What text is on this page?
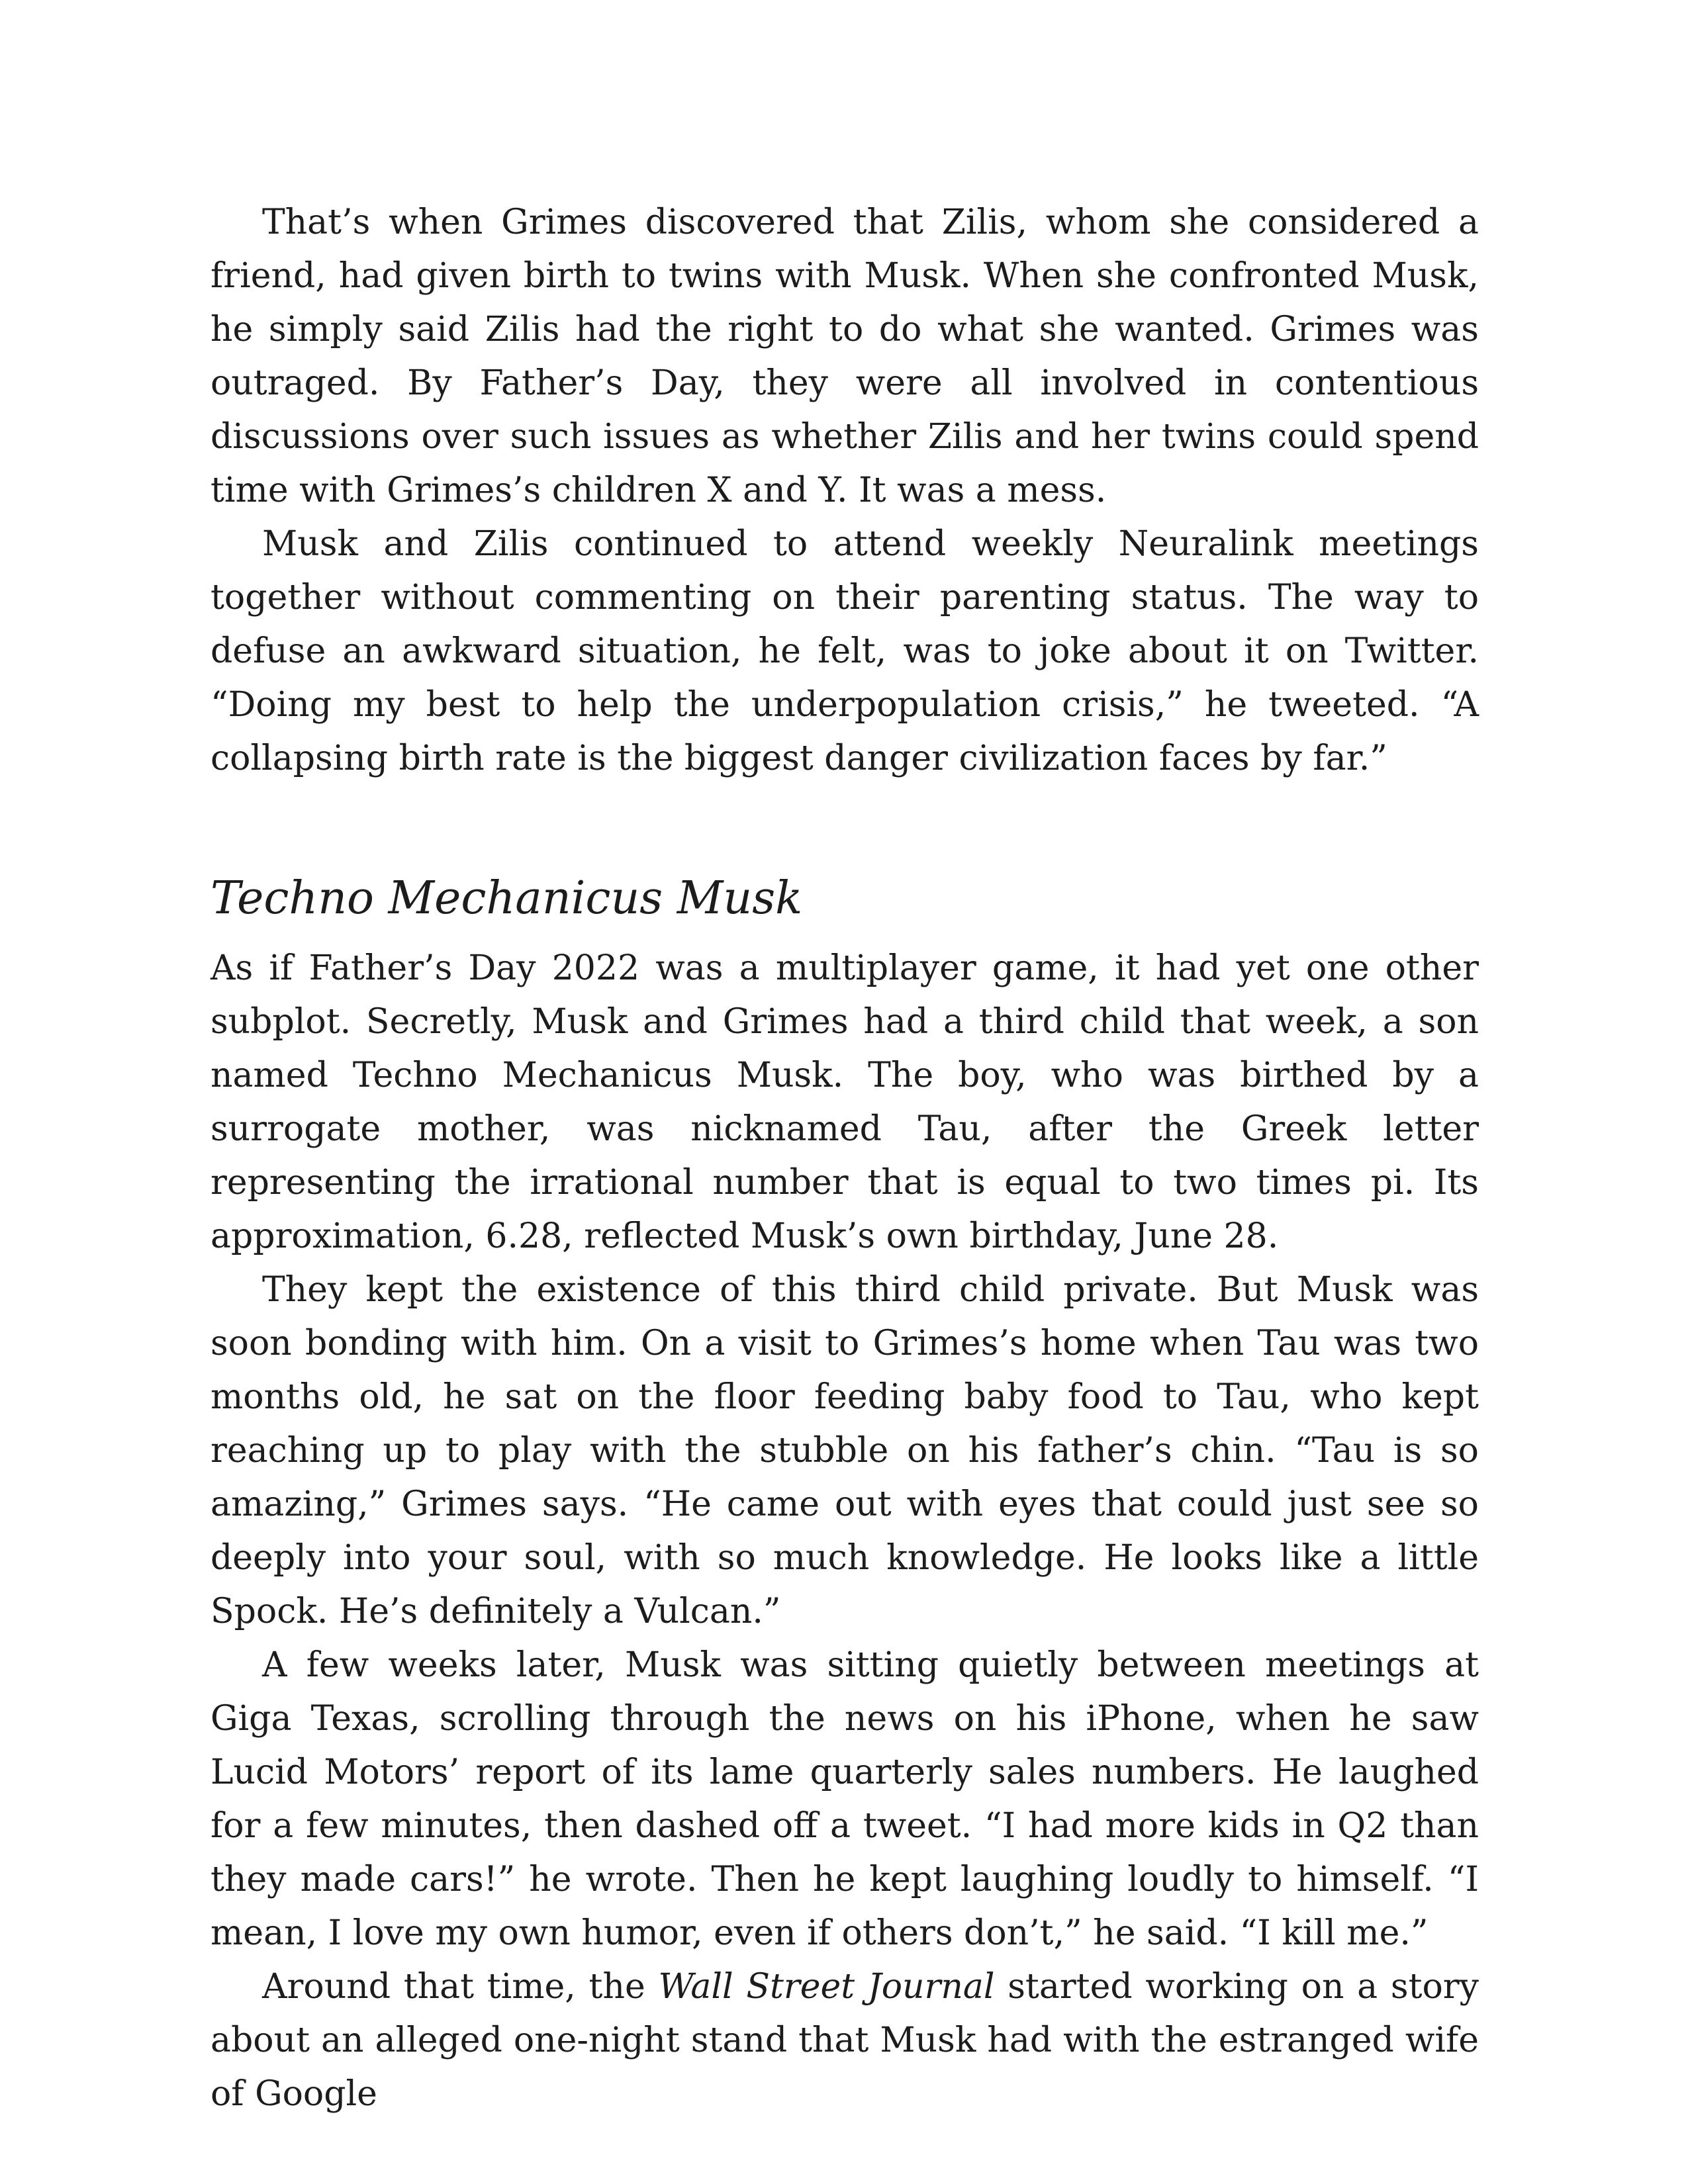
That’s when Grimes discovered that Zilis, whom she considered a friend, had given birth to twins with Musk. When she confronted Musk, he simply said Zilis had the right to do what she wanted. Grimes was outraged. By Father’s Day, they were all involved in contentious discussions over such issues as whether Zilis and her twins could spend time with Grimes’s children X and Y. It was a mess.

Musk and Zilis continued to attend weekly Neuralink meetings together without commenting on their parenting status. The way to defuse an awkward situation, he felt, was to joke about it on Twitter. “Doing my best to help the underpopulation crisis,” he tweeted. “A collapsing birth rate is the biggest danger civilization faces by far.”

Techno Mechanicus Musk

As if Father’s Day 2022 was a multiplayer game, it had yet one other subplot. Secretly, Musk and Grimes had a third child that week, a son named Techno Mechanicus Musk. The boy, who was birthed by a surrogate mother, was nicknamed Tau, after the Greek letter representing the irrational number that is equal to two times pi. Its approximation, 6.28, reflected Musk’s own birthday, June 28.

They kept the existence of this third child private. But Musk was soon bonding with him. On a visit to Grimes’s home when Tau was two months old, he sat on the floor feeding baby food to Tau, who kept reaching up to play with the stubble on his father’s chin. “Tau is so amazing,” Grimes says. “He came out with eyes that could just see so deeply into your soul, with so much knowledge. He looks like a little Spock. He’s definitely a Vulcan.”

A few weeks later, Musk was sitting quietly between meetings at Giga Texas, scrolling through the news on his iPhone, when he saw Lucid Motors’ report of its lame quarterly sales numbers. He laughed for a few minutes, then dashed off a tweet. “I had more kids in Q2 than they made cars!” he wrote. Then he kept laughing loudly to himself. “I mean, I love my own humor, even if others don’t,” he said. “I kill me.”

Around that time, the Wall Street Journal started working on a story about an alleged one-night stand that Musk had with the estranged wife of Google
